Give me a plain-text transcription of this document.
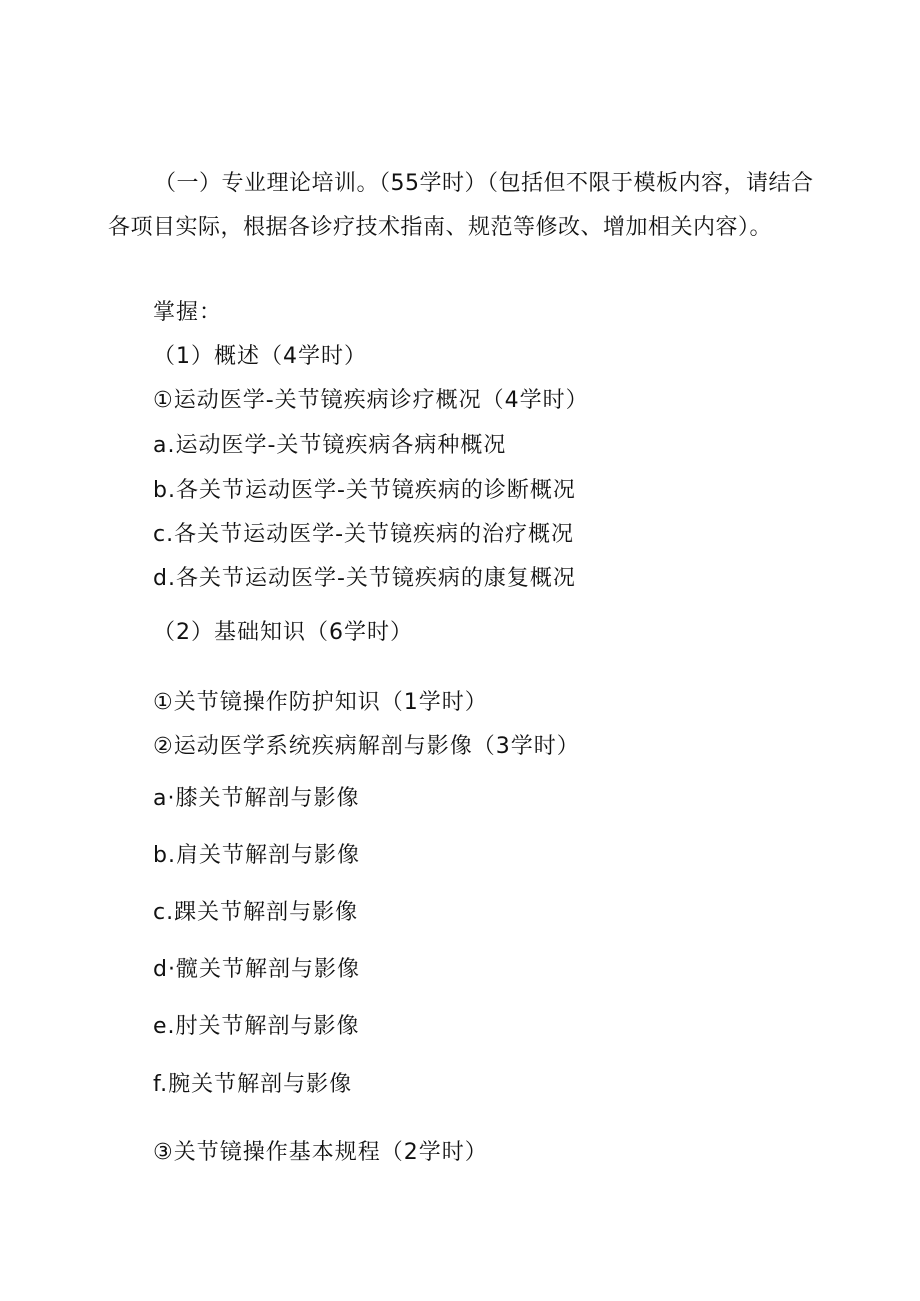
（一）专业理论培训。（55学时）（包括但不限于模板内容，请结合各项目实际，根据各诊疗技术指南、规范等修改、增加相关内容）。

掌握：
（1）概述（4学时）
①运动医学-关节镜疾病诊疗概况（4学时）
a.运动医学-关节镜疾病各病种概况
b.各关节运动医学-关节镜疾病的诊断概况
c.各关节运动医学-关节镜疾病的治疗概况
d.各关节运动医学-关节镜疾病的康复概况
（2）基础知识（6学时）
①关节镜操作防护知识（1学时）
②运动医学系统疾病解剖与影像（3学时）
a·膝关节解剖与影像
b.肩关节解剖与影像
c.踝关节解剖与影像
d·髋关节解剖与影像
e.肘关节解剖与影像
f.腕关节解剖与影像
③关节镜操作基本规程（2学时）
